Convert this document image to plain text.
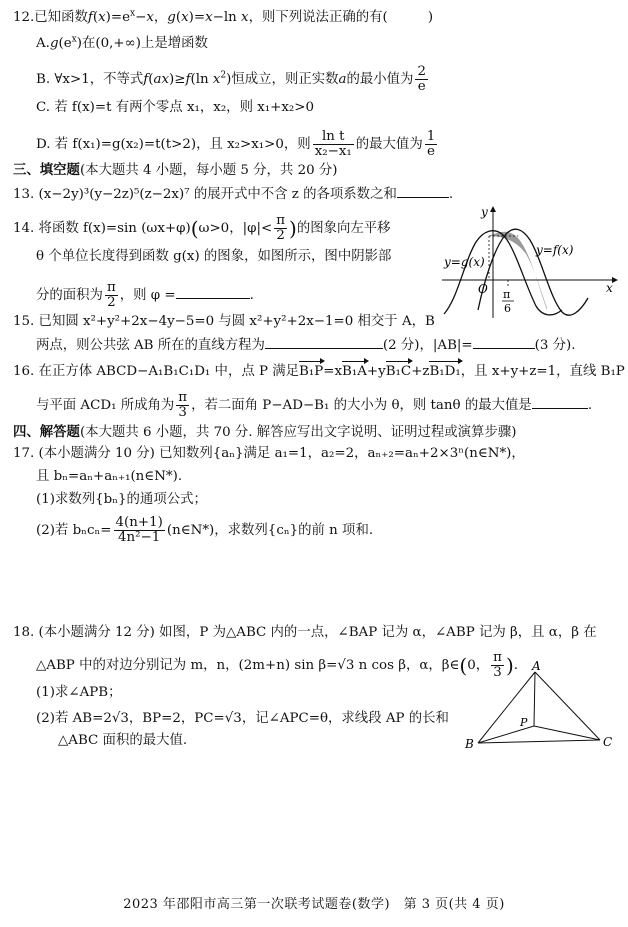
12.已知函数$f(x)=e^x-x$，g(x)=x−ln x，则下列说法正确的有(　　　)
$A.g(e^x)$在(0,+∞)上是增函数
B. ∀x>1，不等式f(ax)≥f(ln $x^2$)恒成立，则正实数a的最小值为 $\frac{2}{e}$
C. 若 f(x)=t 有两个零点 x₁，x₂，则 x₁+x₂>0
D. 若 f(x₁)=g(x₂)=t(t>2)，且 x₂>x₁>0，则 $\frac{\text{ln t}}{\text{x₂−x₁}}$ 的最大值为 $\frac{1}{e}$
三、填空题(本大题共 4 小题，每小题 5 分，共 20 分)
13. (x−2y)³(y−2z)⁵(z−2x)⁷ 的展开式中不含 z 的各项系数之和	.
14. 将函数 f(x)=sin (ωx+φ)(ω>0，$|\varphi|< \frac{\pi}{2}$ )的图象向左平移
θ 个单位长度得到函数 g(x) 的图象，如图所示，图中阴影部
分的面积为 $\frac{\pi}{2}$ ，则 φ =	.
y
x
O
y=g(x)
y=f(x)
π
6
15. 已知圆 x²+y²+2x−4y−5=0 与圆 x²+y²+2x−1=0 相交于 A，B
两点，则公共弦 AB 所在的直线方程为	(2 分)，|AB|=	(3 分).
16. 在正方体 ABCD−A₁B₁C₁D₁ 中，点 P 满足B₁P=xB₁A+yB₁C+zB₁D₁，且 x+y+z=1，直线 B₁P
与平面 ACD₁ 所成角为 $\frac{\pi}{3}$ ，若二面角 P−AD−B₁ 的大小为 θ，则 tanθ 的最大值是	.
四、解答题(本大题共 6 小题，共 70 分. 解答应写出文字说明、证明过程或演算步骤)
17. (本小题满分 10 分) 已知数列{aₙ}满足 a₁=1，a₂=2，aₙ₊₂=aₙ+2×3ⁿ(n∈N*)，
且 bₙ=aₙ+aₙ₊₁(n∈N*).
(1)求数列{bₙ}的通项公式；
(2)若 $b_nc_n= \frac{4(n+1)}{\text{4n²−1}}$ (n∈N*)，求数列{cₙ}的前 n 项和.
18. (本小题满分 12 分) 如图，P 为△ABC 内的一点，∠BAP 记为 α，∠ABP 记为 β，且 α，β 在
△ABP 中的对边分别记为 m，n，(2m+n) sin β=√3 n cos β，α，β∈(0， $\frac{\pi}{3}$ ).
(1)求∠APB；
(2)若 AB=2√3，BP=2，PC=√3，记∠APC=θ，求线段 AP 的长和
△ABC 面积的最大值.
A
B	C
P
2023 年邵阳市高三第一次联考试题卷(数学)　第 3 页(共 4 页)
